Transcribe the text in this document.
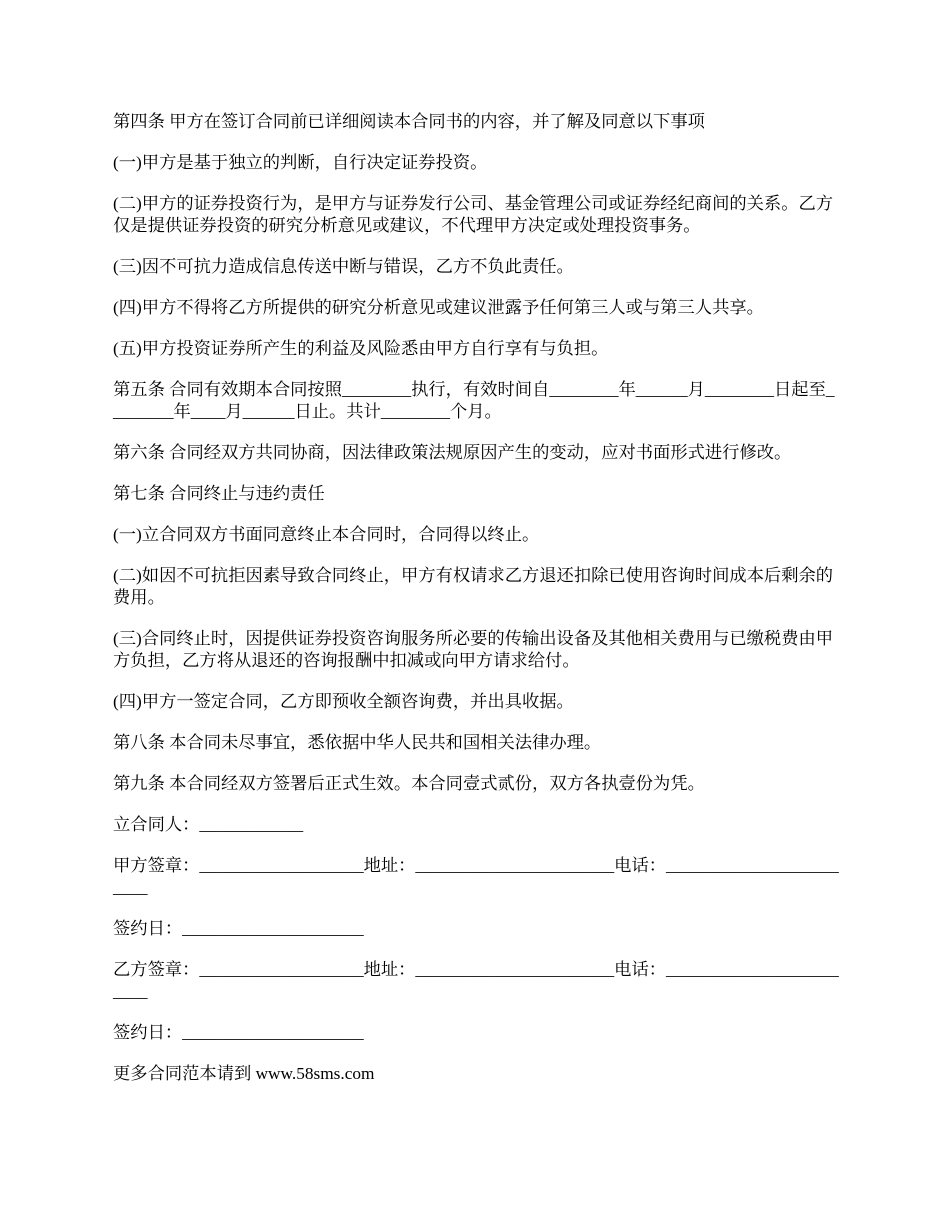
第四条 甲方在签订合同前已详细阅读本合同书的内容，并了解及同意以下事项

(一)甲方是基于独立的判断，自行决定证券投资。

(二)甲方的证券投资行为，是甲方与证券发行公司、基金管理公司或证券经纪商间的关系。乙方仅是提供证券投资的研究分析意见或建议，不代理甲方决定或处理投资事务。

(三)因不可抗力造成信息传送中断与错误，乙方不负此责任。

(四)甲方不得将乙方所提供的研究分析意见或建议泄露予任何第三人或与第三人共享。

(五)甲方投资证券所产生的利益及风险悉由甲方自行享有与负担。

第五条 合同有效期本合同按照________执行，有效时间自________年______月________日起至________年____月______日止。共计________个月。

第六条 合同经双方共同协商，因法律政策法规原因产生的变动，应对书面形式进行修改。

第七条 合同终止与违约责任

(一)立合同双方书面同意终止本合同时，合同得以终止。

(二)如因不可抗拒因素导致合同终止，甲方有权请求乙方退还扣除已使用咨询时间成本后剩余的费用。

(三)合同终止时，因提供证券投资咨询服务所必要的传输出设备及其他相关费用与已缴税费由甲方负担，乙方将从退还的咨询报酬中扣减或向甲方请求给付。

(四)甲方一签定合同，乙方即预收全额咨询费，并出具收据。

第八条 本合同未尽事宜，悉依据中华人民共和国相关法律办理。

第九条 本合同经双方签署后正式生效。本合同壹式贰份，双方各执壹份为凭。

立合同人：____________

甲方签章：___________________地址：_______________________电话：________________________

签约日：_____________________

乙方签章：___________________地址：_______________________电话：________________________

签约日：_____________________

更多合同范本请到 www.58sms.com
